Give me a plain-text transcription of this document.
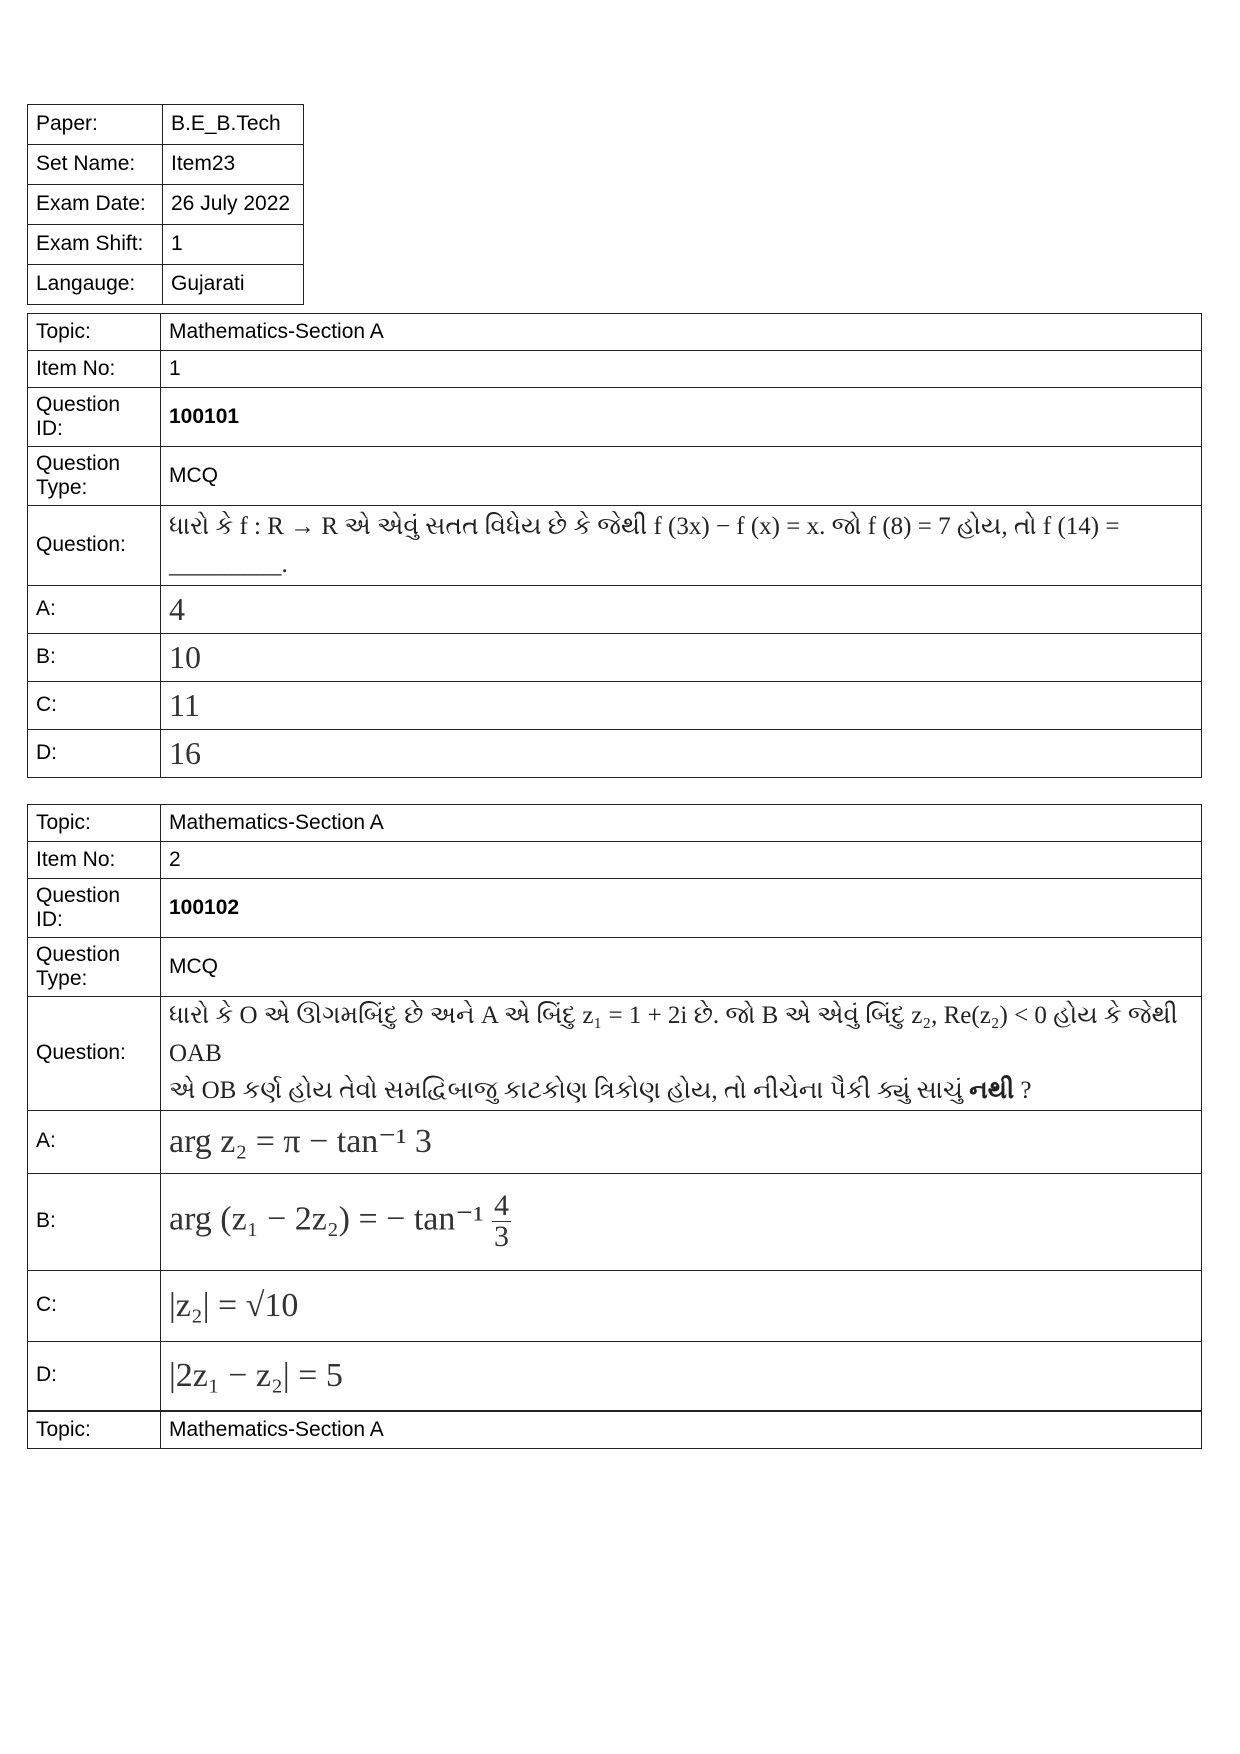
Paper:	B.E_B.Tech
Set Name:	Item23
Exam Date:	26 July 2022
Exam Shift:	1
Langauge:	Gujarati
Topic:	Mathematics-Section A
Item No:	1
Question ID:	100101
Question Type:	MCQ
Question:	ધારો કે f : R → R એ એવું સતત વિધેય છે કે જેથી f (3x) − f (x) = x. જો f (8) = 7 હોય, તો f (14) = _________.
A:	4
B:	10
C:	11
D:	16
Topic:	Mathematics-Section A
Item No:	2
Question ID:	100102
Question Type:	MCQ
Question:	ધારો કે O એ ઊગમબિંદુ છે અને A એ બિંદુ z₁ = 1 + 2i છે. જો B એ એવું બિંદુ z₂, Re(z₂) < 0 હોય કે જેથી OAB
એ OB કર્ણ હોય તેવો સમદ્વિબાજુ કાટકોણ ત્રિકોણ હોય, તો નીચેના પૈકી ક્યું સાચું નથી ?

A:	arg z₂ = π − tan⁻¹ 3
B:	arg (z₁ − 2z₂) = − $\tan^{-1} \frac{4}{3}$

C:	|z₂| = √10
D:	|2z₁ − z₂| = 5
Topic:	Mathematics-Section A
